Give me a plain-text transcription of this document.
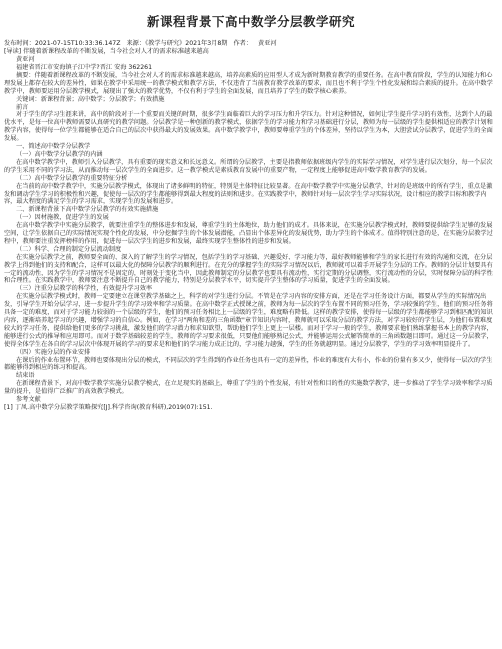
新课程背景下高中数学分层教学研究
发布时间：2021-07-15T10:33:36.147Z 来源：《教学与研究》2021年3月8期 作者： 黄亚河

[导读] 伴随着新课程改革的不断发展，当今社会对人才的需求标准越来越高

黄亚河

福建省晋江市安海镇子江中学?晋江 安海 362261

摘要：伴随着新课程改革的不断发展，当今社会对人才的需求标准越来越高，培养高素质的应用型人才成为新时期教育教学的重要任务。在高中教育阶段，学生的认知能力和心理发展上都存在较大的差异性，如果在教学中采用统一的教学模式和教学方法，不仅违背了当前教育教学改革的要求，而且也不利于学生个性化发展和综合素质的提升。在高中数学教学中，教师要运用分层教学模式，展现出了强大的教学优势，不仅有利于学生的全面发展，而且培养了学生的数学核心素养。

关键词：新课程背景；高中数学；分层教学；有效措施

前言

对于学生的学习生涯来讲，高中的阶段对于一个重要而关键的时期，很多学生面临着巨大的学习压力和升学压力。针对这种情况，如何让学生提升学习的有效性，达到个人的最优水平，是每一位高中教师需要认真研究的教学问题。分层教学是一种创新的教学模式，依据学生的学习能力和学习基础进行分层，教师为每一层级的学生提供相适应的教学计划和教学内容，使得每一位学生都能够在适合自己的层次中获得最大的发展效果。高中数学教学中，教师要尊重学生的个体差异，坚持以学生为本，大胆尝试分层教学，促进学生的全面发展。

一、简述高中数学分层教学

（一）高中数学分层教学的内涵

在高中数学教学中，教师引入分层教学，具有重要的现实意义和长远意义。所谓的分层教学，主要是指教师依据班级内学生的实际学习情况，对学生进行层次划分，每一个层次的学生采用不同的学习法，从而推动每一层次学生的全面进步。这一教学模式是素质教育发展中的重要产物，一定程度上能够促进高中数学教育教学的发展。

（二）高中数学分层教学的重要特征分析

在当前的高中数学教学中，实施分层教学模式，体现出了诸多鲜明的特征，特别是主体特征比较显著。在高中数学教学中实施分层教学，针对的是班级中的所有学生，重点是激发和调动学生学习的积极性和兴趣，促使每一层次的学生都能够得到最大程度的法则和进步。在实践教学中，教师针对每一层次学生学习实际状况，设计相应的教学目标和教学内容，最大程度的满足学生的学习需求，实现学生的发展和进步。

二、新课程背景下高中数学分层教学的有效实施措施

（一）因材施教，促进学生的发展

在高中数学教学中实施分层教学，就要注重学生的整体进步和发展，尊重学生的主体地位，助力他们的成才。具体来说，在实施分层教学模式时，教师要提供给学生足够的发展空间，让学生依据自己的实际情况实现个性化的发展，中分挖掘学生的个体发展潜能，凸显出个体差异化的发展优势，助力学生的个体成才。值得特别注意的是，在实施分层教学过程中，教师要注重发挥榜样的作用，促进每一层次学生的进步和发展，最终实现学生整体性的进步和发展。

（二）科学、合理的制定分层流动制度

在实施分层教学之前，教师要全面的、深入的了解学生的学习情况，包括学生的学习基础、兴趣爱好、学习能力等，最好教师能够和学生的家长进行有效的沟通和交流，在分层教学上得到他们的支持和配合，这样可以最大化的保障分层教学的顺利进行。在充分的掌握学生的实际学习情况以后，教师就可以着手开展学生分层的工作。教师的分层计划要具有一定的流动性，因为学生的学习情况不是固定的，时刻处于变化当中，因此教师制定的分层教学也要具有流动性，实行定期的分层调整，实行流动性的分层，实时保障分层的科学性和合理性。在实践教学中，教师要注意不断提升自己的教学能力，特别是分层教学水平，切实提升学生整体的学习质量，促进学生的全面发展。

（三）注重分层教学的科学性，有效提升学习效率

在实施分层教学模式时，教师一定要建立在课堂教学基础之上，科学的对学生进行分层。不管是在学习内容的安排方面，还是在学习任务设计方面，都要从学生的实际情况出发，引导学生开始分层学习，进一步提升学生的学习效率和学习质量。在高中数学正式授课之前，教师为每一层次的学生布置不同的预习任务，学习较强的学生，他们的预习任务将具备一定的难度，而对于学习能力较弱的一个层级的学生，他们的预习任务相比上一层级的学生，难度略有降低。这样的教学安排，使得每一层级的学生都能够学习到相匹配的知识内容，逐渐培养起学习的兴趣，增强学习的自信心。例如，在学习"两角和差的三角函数"章节知识内容时，教师就可以采取分层的教学方法，对学习较好的学生层，为他们布置难度较大的学习任务，提供给他们更多的学习挑战，激发他们的学习潜力和求知欲望，帮助他们学生上更上一层楼。而对于学习一般的学生，教师要求他们熟练掌握书本上的教学内容，能够进行公式的推导和应用即可。而对于数学基础较差的学生，教师的学习要求很低，只要他们能够熟记公式，并能够运用公式解答简单的三角函数题目即可。通过这一分层教学，使得全体学生在各自的学习层次中体现开展的学习的要求是和他们的学习能力成正比的，学习能力越强，学生的任务就越明显。通过分层教学，学生的学习效率明显提升了。

（四）实施分层的作业安排

在课后的作业布置环节，教师也要体现出分层的模式，不同层次的学生得到的作业任务也具有一定的差异性，作业的难度有大有小，作业的份量有多又少，使得每一层次的学生都能够得到相应的练习和提高。

结束语

在新课程背景下，对高中数学教学实施分层教学模式，在立足现实的基础上，尊重了学生的个性发展，有针对性和目的性的实施数学教学，进一步推动了学生学习效率和学习质量的提升，是值得广泛推广的高效教学模式。

参考文献

[1] 丁凤.高中数学分层教学策略探究[J].科学咨询(教育科研),2019(07):151.
